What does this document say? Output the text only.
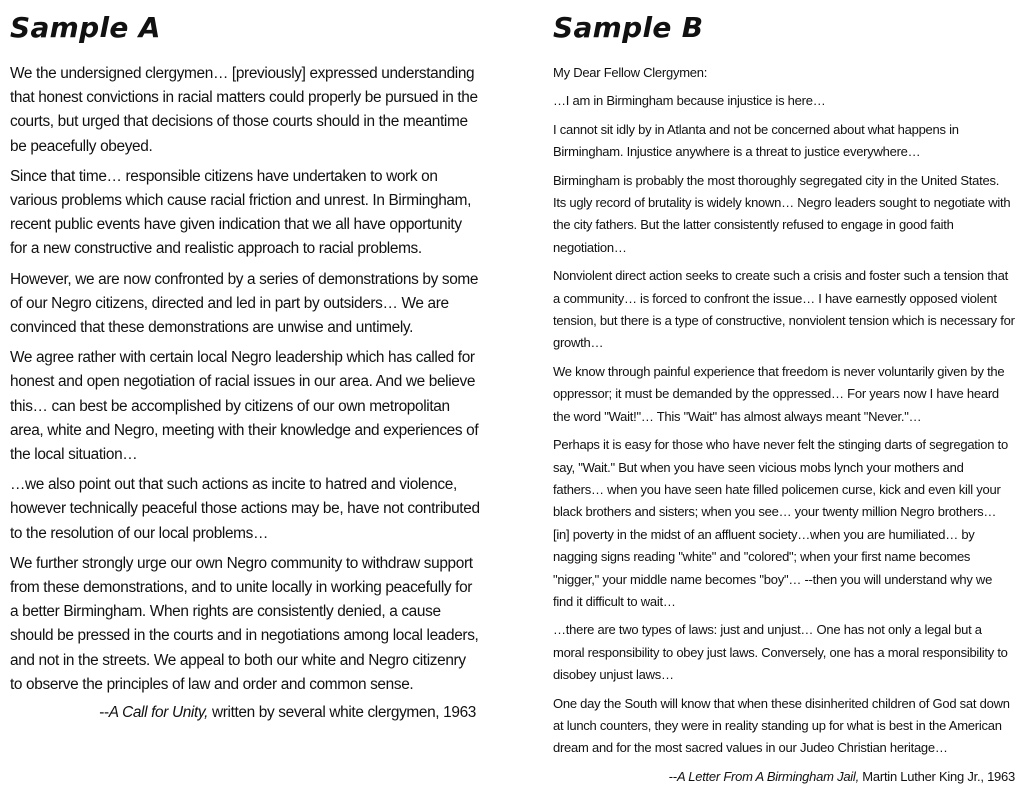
Sample A

We the undersigned clergymen… [previously] expressed understanding that honest convictions in racial matters could properly be pursued in the courts, but urged that decisions of those courts should in the meantime be peacefully obeyed.

Since that time… responsible citizens have undertaken to work on various problems which cause racial friction and unrest. In Birmingham, recent public events have given indication that we all have opportunity for a new constructive and realistic approach to racial problems.

However, we are now confronted by a series of demonstrations by some of our Negro citizens, directed and led in part by outsiders… We are convinced that these demonstrations are unwise and untimely.

We agree rather with certain local Negro leadership which has called for honest and open negotiation of racial issues in our area. And we believe this… can best be accomplished by citizens of our own metropolitan area, white and Negro, meeting with their knowledge and experiences of the local situation…

…we also point out that such actions as incite to hatred and violence, however technically peaceful those actions may be, have not contributed to the resolution of our local problems…

We further strongly urge our own Negro community to withdraw support from these demonstrations, and to unite locally in working peacefully for a better Birmingham. When rights are consistently denied, a cause should be pressed in the courts and in negotiations among local leaders, and not in the streets. We appeal to both our white and Negro citizenry to observe the principles of law and order and common sense.

--A Call for Unity, written by several white clergymen, 1963

Sample B

My Dear Fellow Clergymen:

…I am in Birmingham because injustice is here…

I cannot sit idly by in Atlanta and not be concerned about what happens in Birmingham. Injustice anywhere is a threat to justice everywhere…

Birmingham is probably the most thoroughly segregated city in the United States. Its ugly record of brutality is widely known… Negro leaders sought to negotiate with the city fathers. But the latter consistently refused to engage in good faith negotiation…

Nonviolent direct action seeks to create such a crisis and foster such a tension that a community… is forced to confront the issue… I have earnestly opposed violent tension, but there is a type of constructive, nonviolent tension which is necessary for growth…

We know through painful experience that freedom is never voluntarily given by the oppressor; it must be demanded by the oppressed… For years now I have heard the word "Wait!"… This "Wait" has almost always meant "Never."…

Perhaps it is easy for those who have never felt the stinging darts of segregation to say, "Wait." But when you have seen vicious mobs lynch your mothers and fathers… when you have seen hate filled policemen curse, kick and even kill your black brothers and sisters; when you see… your twenty million Negro brothers… [in] poverty in the midst of an affluent society…when you are humiliated… by nagging signs reading "white" and "colored"; when your first name becomes "nigger," your middle name becomes "boy"… --then you will understand why we find it difficult to wait…

…there are two types of laws: just and unjust… One has not only a legal but a moral responsibility to obey just laws. Conversely, one has a moral responsibility to disobey unjust laws…

One day the South will know that when these disinherited children of God sat down at lunch counters, they were in reality standing up for what is best in the American dream and for the most sacred values in our Judeo Christian heritage…

--A Letter From A Birmingham Jail, Martin Luther King Jr., 1963
